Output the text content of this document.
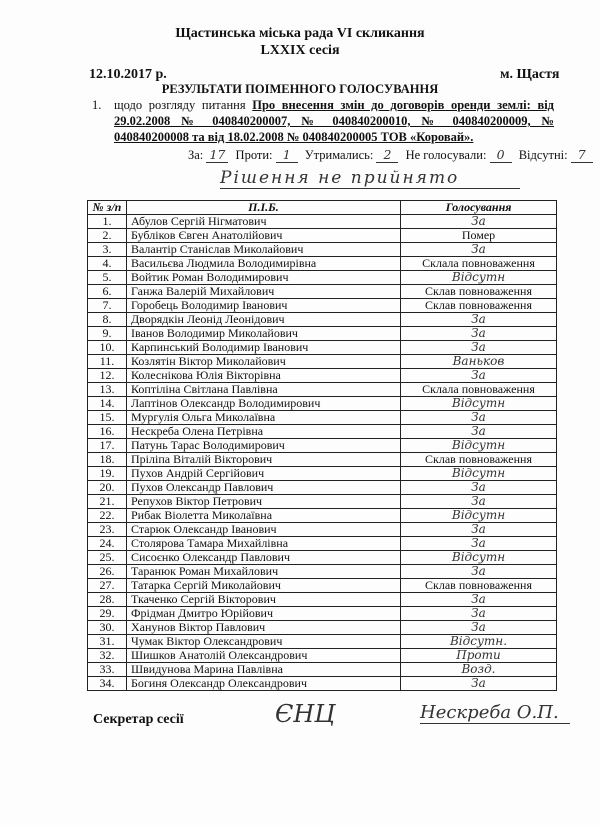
Щастинська міська рада VI скликання
LXXIX сесія
12.10.2017 р.	м. Щастя
РЕЗУЛЬТАТИ ПОІМЕННОГО ГОЛОСУВАННЯ
1. щодо розгляду питання Про внесення змін до договорів оренди землі: від 29.02.2008 № 040840200007, № 040840200010, № 040840200009, № 040840200008 та від 18.02.2008 № 040840200005 ТОВ «Коровай».
За: 17 Проти: 1 Утримались: 2 Не голосували: 0 Відсутні: 7
Рішення не прийнято
№ з/п	П.І.Б.	Голосування
1.	Абулов Сергій Нігматович	За
2.	Бубліков Євген Анатолійович	Помер
3.	Валантір Станіслав Миколайович	За
4.	Васильєва Людмила Володимирівна	Склала повноваження
5.	Войтик Роман Володимирович	Відсутн
6.	Ганжа Валерій Михайлович	Склав повноваження
7.	Горобець Володимир Іванович	Склав повноваження
8.	Дворядкін Леонід Леонідович	За
9.	Іванов Володимир Миколайович	За
10.	Карпинський Володимир Іванович	За
11.	Козлятін Віктор Миколайович	Ваньков
12.	Колеснікова Юлія Вікторівна	За
13.	Коптіліна Світлана Павлівна	Склала повноваження
14.	Лаптінов Олександр Володимирович	Відсутн
15.	Мургулія Ольга Миколаївна	За
16.	Нескреба Олена Петрівна	За
17.	Патунь Тарас Володимирович	Відсутн
18.	Пріліпа Віталій Вікторович	Склав повноваження
19.	Пухов Андрій Сергійович	Відсутн
20.	Пухов Олександр Павлович	За
21.	Репухов Віктор Петрович	За
22.	Рибак Віолетта Миколаївна	Відсутн
23.	Старюк Олександр Іванович	За
24.	Столярова Тамара Михайлівна	За
25.	Сисоєнко Олександр Павлович	Відсутн
26.	Таранюк Роман Михайлович	За
27.	Татарка Сергій Миколайович	Склав повноваження
28.	Ткаченко Сергій Вікторович	За
29.	Фрідман Дмитро Юрійович	За
30.	Ханунов Віктор Павлович	За
31.	Чумак Віктор Олександрович	Відсутн.
32.	Шишков Анатолій Олександрович	Проти
33.	Швидунова Марина Павлівна	Возд.
34.	Богиня Олександр Олександрович	За
Секретар сесії	ЄНЦ	Нескреба О.П.
